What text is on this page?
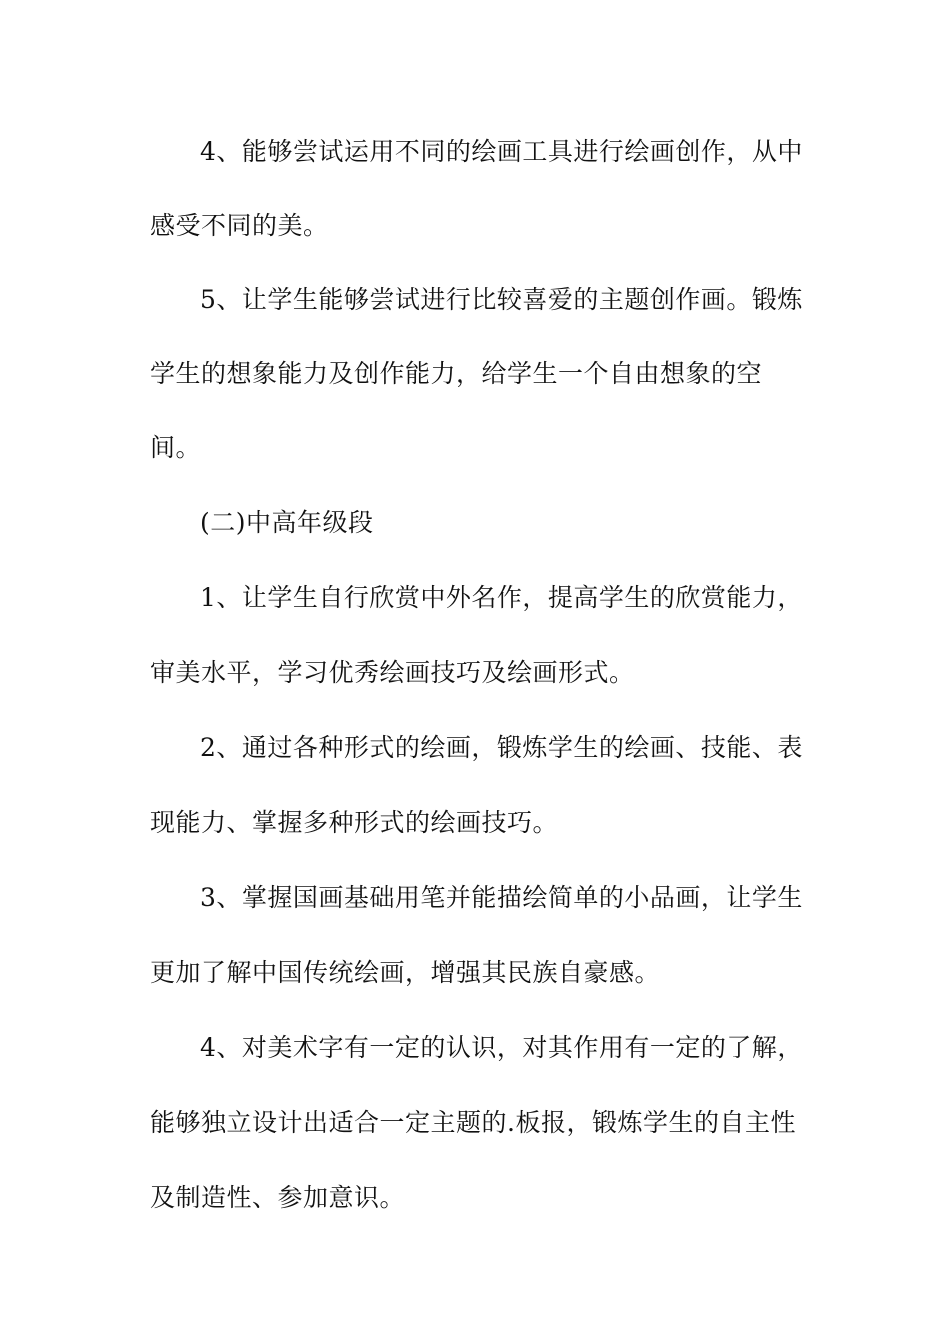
4、能够尝试运用不同的绘画工具进行绘画创作，从中
感受不同的美。
5、让学生能够尝试进行比较喜爱的主题创作画。锻炼
学生的想象能力及创作能力，给学生一个自由想象的空
间。
(二)中高年级段
1、让学生自行欣赏中外名作，提高学生的欣赏能力，
审美水平，学习优秀绘画技巧及绘画形式。
2、通过各种形式的绘画，锻炼学生的绘画、技能、表
现能力、掌握多种形式的绘画技巧。
3、掌握国画基础用笔并能描绘简单的小品画，让学生
更加了解中国传统绘画，增强其民族自豪感。
4、对美术字有一定的认识，对其作用有一定的了解，
能够独立设计出适合一定主题的.板报，锻炼学生的自主性
及制造性、参加意识。
